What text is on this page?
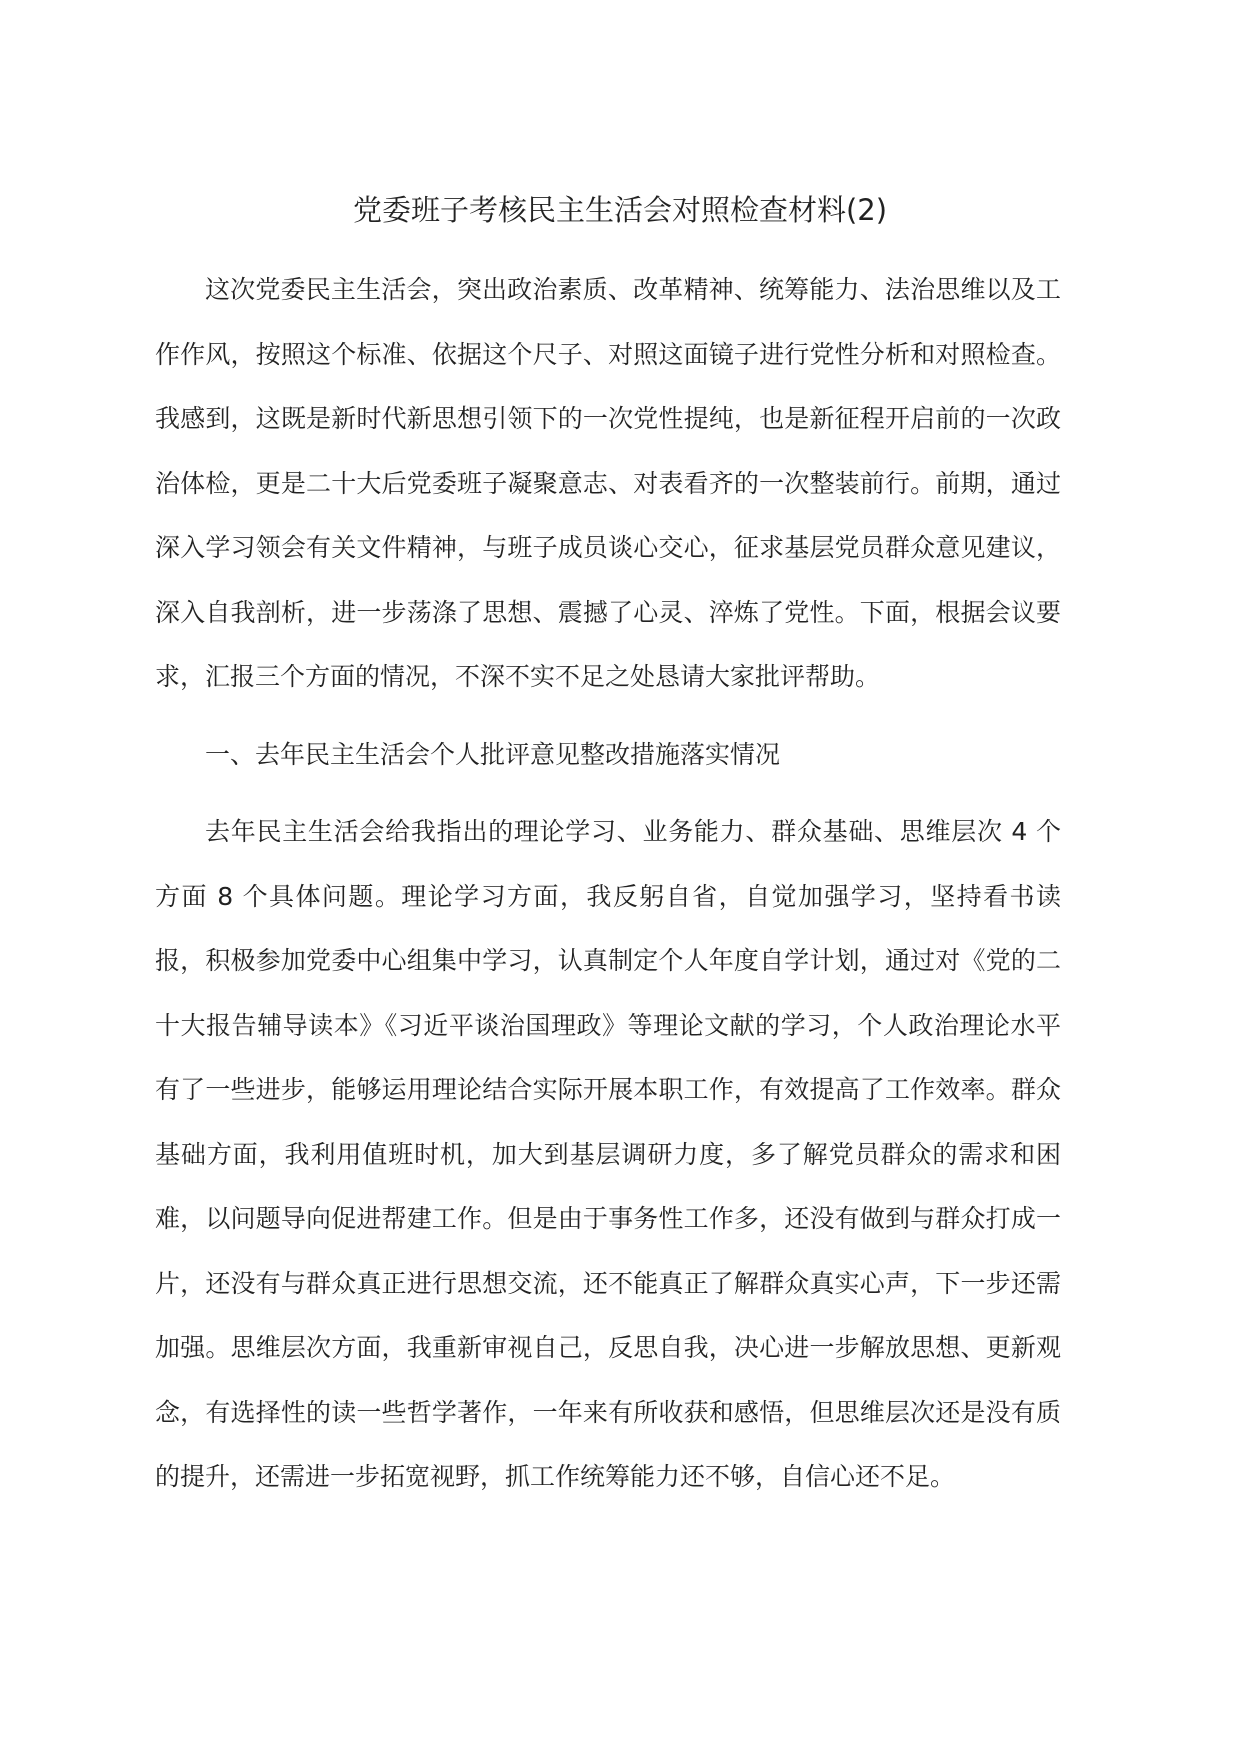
党委班子考核民主生活会对照检查材料(2)

这次党委民主生活会，突出政治素质、改革精神、统筹能力、法治思维以及工作作风，按照这个标准、依据这个尺子、对照这面镜子进行党性分析和对照检查。我感到，这既是新时代新思想引领下的一次党性提纯，也是新征程开启前的一次政治体检，更是二十大后党委班子凝聚意志、对表看齐的一次整装前行。前期，通过深入学习领会有关文件精神，与班子成员谈心交心，征求基层党员群众意见建议，深入自我剖析，进一步荡涤了思想、震撼了心灵、淬炼了党性。下面，根据会议要求，汇报三个方面的情况，不深不实不足之处恳请大家批评帮助。

一、去年民主生活会个人批评意见整改措施落实情况

去年民主生活会给我指出的理论学习、业务能力、群众基础、思维层次 4 个方面 8 个具体问题。理论学习方面，我反躬自省，自觉加强学习，坚持看书读报，积极参加党委中心组集中学习，认真制定个人年度自学计划，通过对《党的二十大报告辅导读本》《习近平谈治国理政》等理论文献的学习，个人政治理论水平有了一些进步，能够运用理论结合实际开展本职工作，有效提高了工作效率。群众基础方面，我利用值班时机，加大到基层调研力度，多了解党员群众的需求和困难，以问题导向促进帮建工作。但是由于事务性工作多，还没有做到与群众打成一片，还没有与群众真正进行思想交流，还不能真正了解群众真实心声，下一步还需加强。思维层次方面，我重新审视自己，反思自我，决心进一步解放思想、更新观念，有选择性的读一些哲学著作，一年来有所收获和感悟，但思维层次还是没有质的提升，还需进一步拓宽视野，抓工作统筹能力还不够，自信心还不足。
